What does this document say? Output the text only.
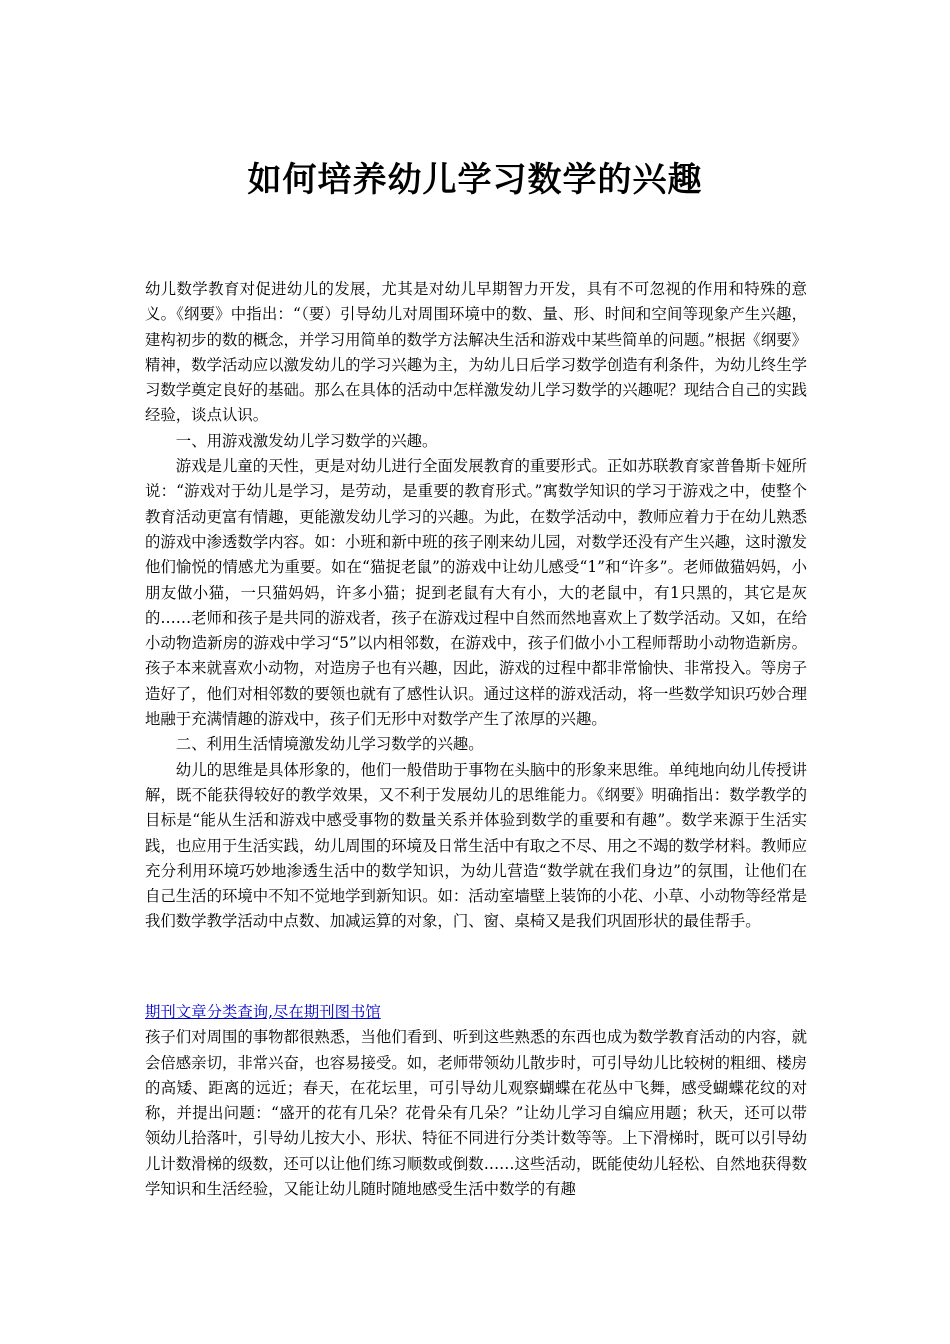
如何培养幼儿学习数学的兴趣

幼儿数学教育对促进幼儿的发展，尤其是对幼儿早期智力开发，具有不可忽视的作用和特殊的意义。《纲要》中指出：“（要）引导幼儿对周围环境中的数、量、形、时间和空间等现象产生兴趣，建构初步的数的概念，并学习用简单的数学方法解决生活和游戏中某些简单的问题。”根据《纲要》精神，数学活动应以激发幼儿的学习兴趣为主，为幼儿日后学习数学创造有利条件，为幼儿终生学习数学奠定良好的基础。那么在具体的活动中怎样激发幼儿学习数学的兴趣呢？现结合自己的实践经验，谈点认识。

一、用游戏激发幼儿学习数学的兴趣。

游戏是儿童的天性，更是对幼儿进行全面发展教育的重要形式。正如苏联教育家普鲁斯卡娅所说：“游戏对于幼儿是学习，是劳动，是重要的教育形式。”寓数学知识的学习于游戏之中，使整个教育活动更富有情趣，更能激发幼儿学习的兴趣。为此，在数学活动中，教师应着力于在幼儿熟悉的游戏中渗透数学内容。如：小班和新中班的孩子刚来幼儿园，对数学还没有产生兴趣，这时激发他们愉悦的情感尤为重要。如在“猫捉老鼠”的游戏中让幼儿感受“1”和“许多”。老师做猫妈妈，小朋友做小猫，一只猫妈妈，许多小猫；捉到老鼠有大有小，大的老鼠中，有1只黑的，其它是灰的……老师和孩子是共同的游戏者，孩子在游戏过程中自然而然地喜欢上了数学活动。又如，在给小动物造新房的游戏中学习“5”以内相邻数，在游戏中，孩子们做小小工程师帮助小动物造新房。孩子本来就喜欢小动物，对造房子也有兴趣，因此，游戏的过程中都非常愉快、非常投入。等房子造好了，他们对相邻数的要领也就有了感性认识。通过这样的游戏活动，将一些数学知识巧妙合理地融于充满情趣的游戏中，孩子们无形中对数学产生了浓厚的兴趣。

二、利用生活情境激发幼儿学习数学的兴趣。

幼儿的思维是具体形象的，他们一般借助于事物在头脑中的形象来思维。单纯地向幼儿传授讲解，既不能获得较好的教学效果，又不利于发展幼儿的思维能力。《纲要》明确指出：数学教学的目标是“能从生活和游戏中感受事物的数量关系并体验到数学的重要和有趣”。数学来源于生活实践，也应用于生活实践，幼儿周围的环境及日常生活中有取之不尽、用之不竭的数学材料。教师应充分利用环境巧妙地渗透生活中的数学知识，为幼儿营造“数学就在我们身边”的氛围，让他们在自己生活的环境中不知不觉地学到新知识。如：活动室墙壁上装饰的小花、小草、小动物等经常是我们数学教学活动中点数、加减运算的对象，门、窗、桌椅又是我们巩固形状的最佳帮手。

期刊文章分类查询,尽在期刊图书馆

孩子们对周围的事物都很熟悉，当他们看到、听到这些熟悉的东西也成为数学教育活动的内容，就会倍感亲切，非常兴奋，也容易接受。如，老师带领幼儿散步时，可引导幼儿比较树的粗细、楼房的高矮、距离的远近；春天，在花坛里，可引导幼儿观察蝴蝶在花丛中飞舞，感受蝴蝶花纹的对称，并提出问题：“盛开的花有几朵？花骨朵有几朵？”让幼儿学习自编应用题；秋天，还可以带领幼儿拾落叶，引导幼儿按大小、形状、特征不同进行分类计数等等。上下滑梯时，既可以引导幼儿计数滑梯的级数，还可以让他们练习顺数或倒数……这些活动，既能使幼儿轻松、自然地获得数学知识和生活经验，又能让幼儿随时随地感受生活中数学的有趣
